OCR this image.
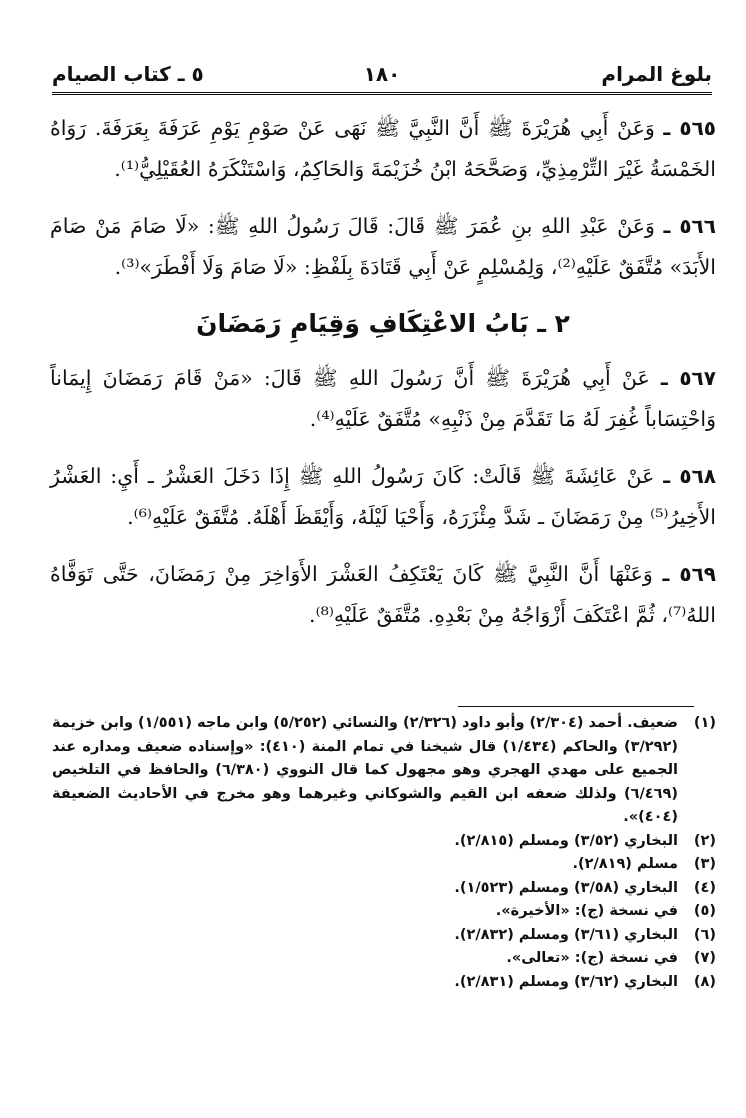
بلوغ المرام
١٨٠
٥ ـ كتاب الصيام

٥٦٥ ـ وَعَنْ أَبِي هُرَيْرَةَ ﷺ أَنَّ النَّبِيَّ ﷺ نَهَى عَنْ صَوْمِ يَوْمِ عَرَفَةَ بِعَرَفَةَ. رَوَاهُ الخَمْسَةُ غَيْرَ التِّرْمِذِيِّ، وَصَحَّحَهُ ابْنُ خُزَيْمَةَ وَالحَاكِمُ، وَاسْتَنْكَرَهُ العُقَيْلِيُّ⁽¹⁾.

٥٦٦ ـ وَعَنْ عَبْدِ اللهِ بنِ عُمَرَ ﷺ قَالَ: قَالَ رَسُولُ اللهِ ﷺ: «لَا صَامَ مَنْ صَامَ الأَبَدَ» مُتَّفَقٌ عَلَيْهِ⁽²⁾، وَلِمُسْلِمٍ عَنْ أَبِي قَتَادَةَ بِلَفْظِ: «لَا صَامَ وَلَا أَفْطَرَ»⁽³⁾.

٢ ـ بَابُ الاعْتِكَافِ وَقِيَامِ رَمَضَانَ

٥٦٧ ـ عَنْ أَبِي هُرَيْرَةَ ﷺ أَنَّ رَسُولَ اللهِ ﷺ قَالَ: «مَنْ قَامَ رَمَضَانَ إِيمَاناً وَاحْتِسَاباً غُفِرَ لَهُ مَا تَقَدَّمَ مِنْ ذَنْبِهِ» مُتَّفَقٌ عَلَيْهِ⁽⁴⁾.

٥٦٨ ـ عَنْ عَائِشَةَ ﷺ قَالَتْ: كَانَ رَسُولُ اللهِ ﷺ إِذَا دَخَلَ العَشْرُ ـ أَيِ: العَشْرُ الأَخِيرُ⁽⁵⁾ مِنْ رَمَضَانَ ـ شَدَّ مِئْزَرَهُ، وَأَحْيَا لَيْلَهُ، وَأَيْقَظَ أَهْلَهُ. مُتَّفَقٌ عَلَيْهِ⁽⁶⁾.

٥٦٩ ـ وَعَنْهَا أَنَّ النَّبِيَّ ﷺ كَانَ يَعْتَكِفُ العَشْرَ الأَوَاخِرَ مِنْ رَمَضَانَ، حَتَّى تَوَفَّاهُ اللهُ⁽⁷⁾، ثُمَّ اعْتَكَفَ أَزْوَاجُهُ مِنْ بَعْدِهِ. مُتَّفَقٌ عَلَيْهِ⁽⁸⁾.

(١)
ضعيف. أحمد (٢/٣٠٤) وأبو داود (٢/٣٢٦) والنسائي (٥/٢٥٢) وابن ماجه (١/٥٥١) وابن خزيمة (٣/٢٩٢) والحاكم (١/٤٣٤) قال شيخنا في تمام المنة (٤١٠): «وإسناده ضعيف ومداره عند الجميع على مهدي الهجري وهو مجهول كما قال النووي (٦/٣٨٠) والحافظ في التلخيص (٦/٤٦٩) ولذلك ضعفه ابن القيم والشوكاني وغيرهما وهو مخرج في الأحاديث الضعيفة (٤٠٤)».
(٢)
البخاري (٣/٥٢) ومسلم (٢/٨١٥).
(٣)
مسلم (٢/٨١٩).
(٤)
البخاري (٣/٥٨) ومسلم (١/٥٢٣).
(٥)
في نسخة (ج): «الأخيرة».
(٦)
البخاري (٣/٦١) ومسلم (٢/٨٣٢).
(٧)
في نسخة (ج): «تعالى».
(٨)
البخاري (٣/٦٢) ومسلم (٢/٨٣١).
